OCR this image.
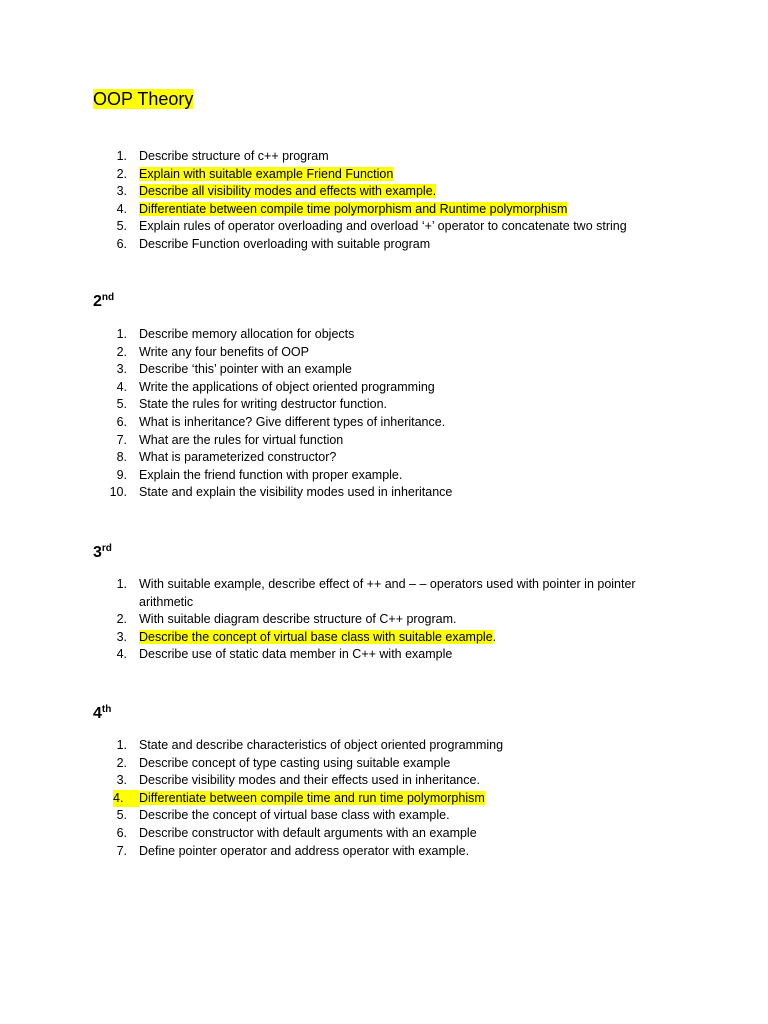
OOP Theory
1. Describe structure of c++ program
2. Explain with suitable example Friend Function
3. Describe all visibility modes and effects with example.
4. Differentiate between compile time polymorphism and Runtime polymorphism
5. Explain rules of operator overloading and overload ‘+’ operator to concatenate two string
6. Describe Function overloading with suitable program
2nd
1. Describe memory allocation for objects
2. Write any four benefits of OOP
3. Describe ‘this’ pointer with an example
4. Write the applications of object oriented programming
5. State the rules for writing destructor function.
6. What is inheritance? Give different types of inheritance.
7. What are the rules for virtual function
8. What is parameterized constructor?
9. Explain the friend function with proper example.
10. State and explain the visibility modes used in inheritance
3rd
1. With suitable example, describe effect of ++ and – – operators used with pointer in pointer arithmetic
2. With suitable diagram describe structure of C++ program.
3. Describe the concept of virtual base class with suitable example.
4. Describe use of static data member in C++ with example
4th
1. State and describe characteristics of object oriented programming
2. Describe concept of type casting using suitable example
3. Describe visibility modes and their effects used in inheritance.
4.	Differentiate between compile time and run time polymorphism
5. Describe the concept of virtual base class with example.
6. Describe constructor with default arguments with an example
7. Define pointer operator and address operator with example.
